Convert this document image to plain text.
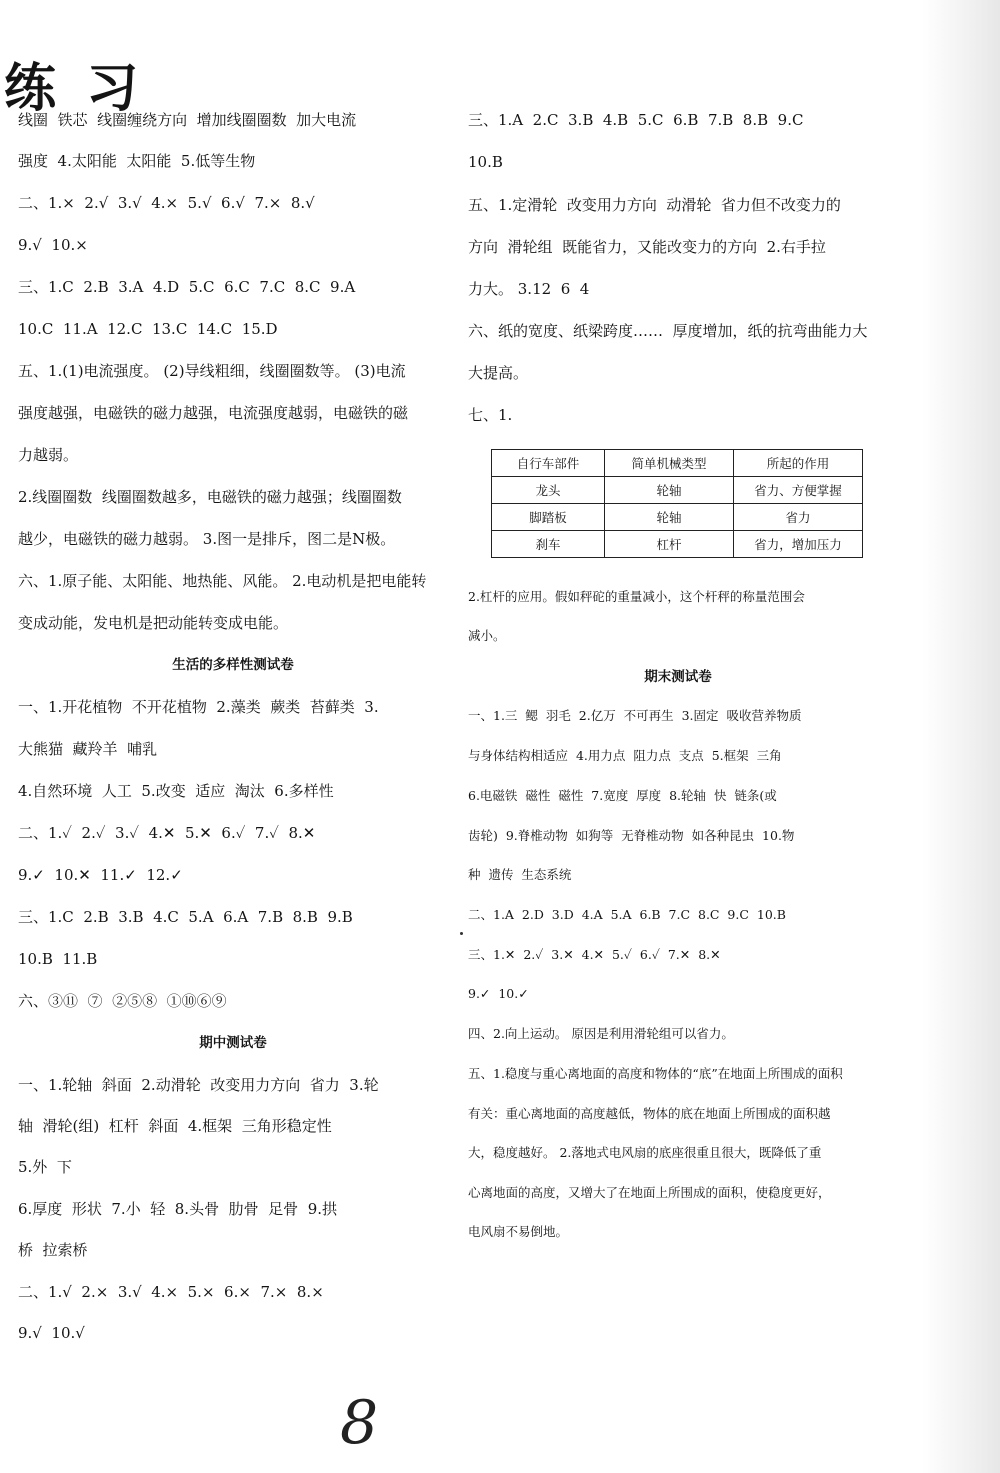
练 习
线圈  铁芯  线圈缠绕方向  增加线圈圈数  加大电流
强度  4.太阳能  太阳能  5.低等生物
二、1.×  2.√  3.√  4.×  5.√  6.√  7.×  8.√
9.√  10.×
三、1.C  2.B  3.A  4.D  5.C  6.C  7.C  8.C  9.A
10.C  11.A  12.C  13.C  14.C  15.D
五、1.(1)电流强度。 (2)导线粗细，线圈圈数等。 (3)电流
强度越强，电磁铁的磁力越强，电流强度越弱，电磁铁的磁
力越弱。
2.线圈圈数  线圈圈数越多，电磁铁的磁力越强；线圈圈数
越少，电磁铁的磁力越弱。 3.图一是排斥，图二是N极。
六、1.原子能、太阳能、地热能、风能。 2.电动机是把电能转
变成动能，发电机是把动能转变成电能。
生活的多样性测试卷
一、1.开花植物  不开花植物  2.藻类  蕨类  苔藓类  3.
大熊猫  藏羚羊  哺乳
4.自然环境  人工  5.改变  适应  淘汰  6.多样性
二、1.✓  2.✓  3.✓  4.✕  5.✕  6.✓  7.✓  8.✕
9.✓  10.✕  11.✓  12.✓
三、1.C  2.B  3.B  4.C  5.A  6.A  7.B  8.B  9.B
10.B  11.B
六、③⑪  ⑦  ②⑤⑧  ①⑩⑥⑨
期中测试卷
一、1.轮轴  斜面  2.动滑轮  改变用力方向  省力  3.轮
轴  滑轮(组)  杠杆  斜面  4.框架  三角形稳定性
5.外  下
6.厚度  形状  7.小  轻  8.头骨  肋骨  足骨  9.拱
桥  拉索桥
二、1.√  2.×  3.√  4.×  5.×  6.×  7.×  8.×
9.√  10.√
三、1.A  2.C  3.B  4.B  5.C  6.B  7.B  8.B  9.C
10.B
五、1.定滑轮  改变用力方向  动滑轮  省力但不改变力的
方向  滑轮组  既能省力，又能改变力的方向  2.右手拉
力大。 3.12  6  4
六、纸的宽度、纸梁跨度……  厚度增加，纸的抗弯曲能力大
大提高。
七、1.
自行车部件	简单机械类型	所起的作用
龙头	轮轴	省力、方便掌握
脚踏板	轮轴	省力
刹车	杠杆	省力，增加压力
2.杠杆的应用。假如秤砣的重量减小，这个杆秤的称量范围会
减小。
期末测试卷
一、1.三  鳃  羽毛  2.亿万  不可再生  3.固定  吸收营养物质
与身体结构相适应  4.用力点  阻力点  支点  5.框架  三角
6.电磁铁  磁性  磁性  7.宽度  厚度  8.轮轴  快  链条(或
齿轮)  9.脊椎动物  如狗等  无脊椎动物  如各种昆虫  10.物
种  遗传  生态系统
二、1.A  2.D  3.D  4.A  5.A  6.B  7.C  8.C  9.C  10.B
三、1.✕  2.✓  3.✕  4.✕  5.✓  6.✓  7.✕  8.✕
9.✓  10.✓
四、2.向上运动。 原因是利用滑轮组可以省力。
五、1.稳度与重心离地面的高度和物体的“底”在地面上所围成的面积
有关：重心离地面的高度越低，物体的底在地面上所围成的面积越
大，稳度越好。 2.落地式电风扇的底座很重且很大，既降低了重
心离地面的高度，又增大了在地面上所围成的面积，使稳度更好，
电风扇不易倒地。
8
